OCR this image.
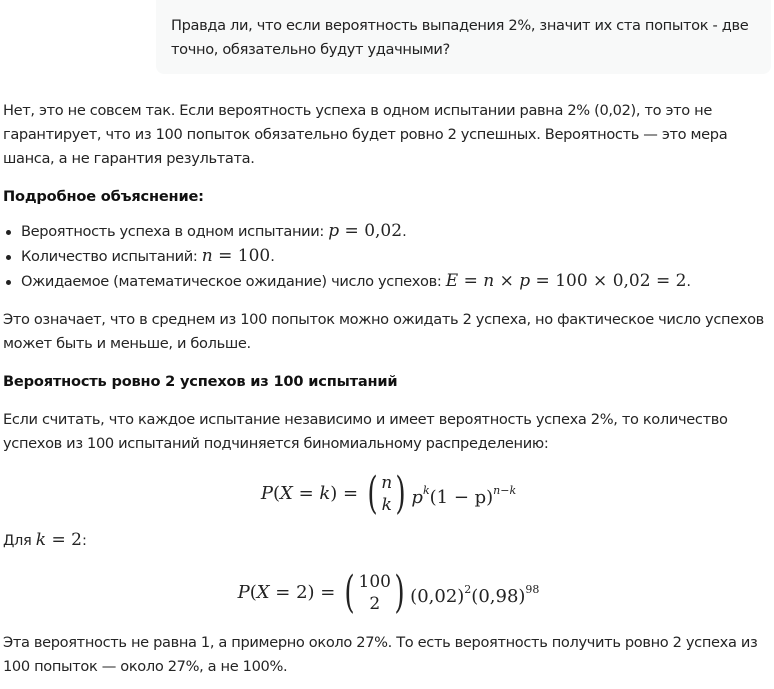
Правда ли, что если вероятность выпадения 2%, значит их ста попыток - две точно, обязательно будут удачными?

Нет, это не совсем так. Если вероятность успеха в одном испытании равна 2% (0,02), то это не гарантирует, что из 100 попыток обязательно будет ровно 2 успешных. Вероятность — это мера шанса, а не гарантия результата.

Подробное объяснение:

Вероятность успеха в одном испытании: p = 0,02.
Количество испытаний: n = 100.
Ожидаемое (математическое ожидание) число успехов: E = n × p = 100 × 0,02 = 2.

Это означает, что в среднем из 100 попыток можно ожидать 2 успеха, но фактическое число успехов может быть и меньше, и больше.

Вероятность ровно 2 успехов из 100 испытаний

Если считать, что каждое испытание независимо и имеет вероятность успеха 2%, то количество успехов из 100 испытаний подчиняется биномиальному распределению:

P(X = k) = ( n
k ) $p^k(1 - p)^{n-k}$

Для k = 2:

P(X = 2) = ( 100
2 ) $(0,02)^2(0,98)^{98}$

Эта вероятность не равна 1, а примерно около 27%. То есть вероятность получить ровно 2 успеха из 100 попыток — около 27%, а не 100%.
